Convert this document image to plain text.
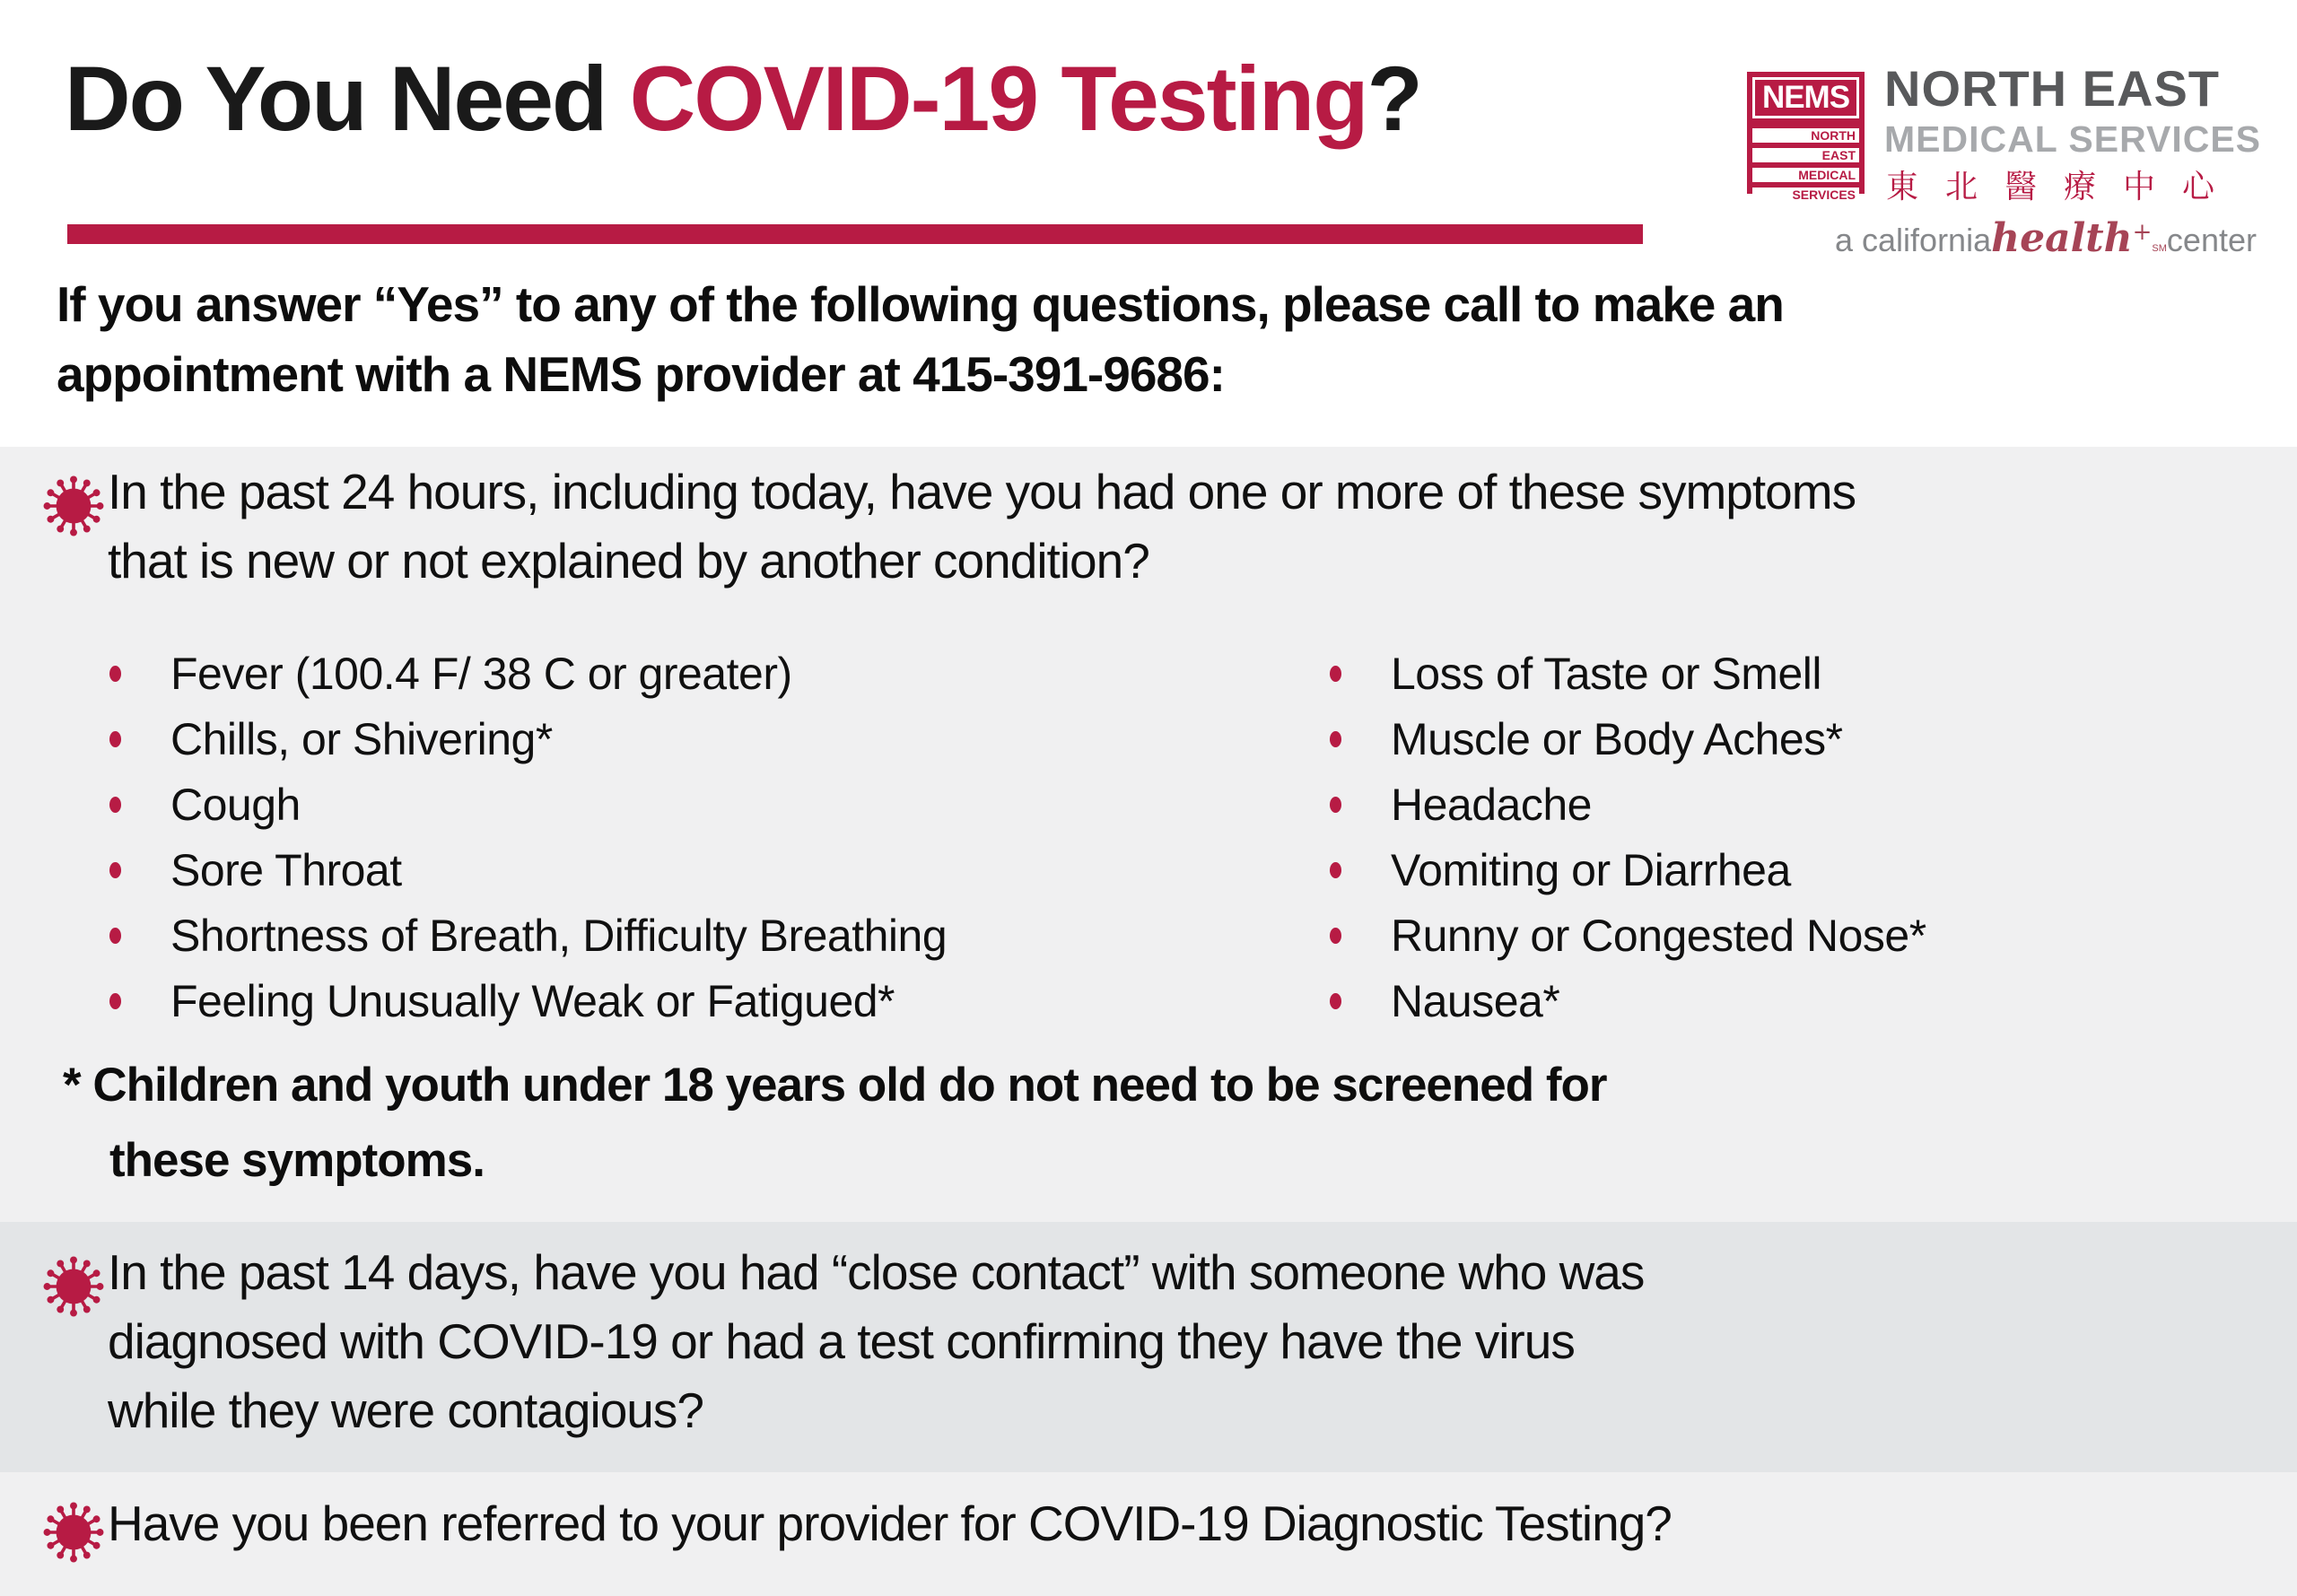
Do You Need COVID-19 Testing?	NEMS
NORTH
EAST
MEDICAL
SERVICES
NORTH EAST
MEDICAL SERVICES
東北醫療中心
a californiahealth+SMcenter

If you answer “Yes” to any of the following questions, please call to make an
appointment with a NEMS provider at 415-391-9686:

In the past 24 hours, including today, have you had one or more of these symptoms
that is new or not explained by another condition?
Fever (100.4 F/ 38 C or greater)
Chills, or Shivering*
Cough
Sore Throat
Shortness of Breath, Difficulty Breathing
Feeling Unusually Weak or Fatigued*
Loss of Taste or Smell
Muscle or Body Aches*
Headache
Vomiting or Diarrhea
Runny or Congested Nose*
Nausea*
* Children and youth under 18 years old do not need to be screened for
these symptoms.
In the past 14 days, have you had “close contact” with someone who was
diagnosed with COVID-19 or had a test confirming they have the virus
while they were contagious?
Have you been referred to your provider for COVID-19 Diagnostic Testing?
